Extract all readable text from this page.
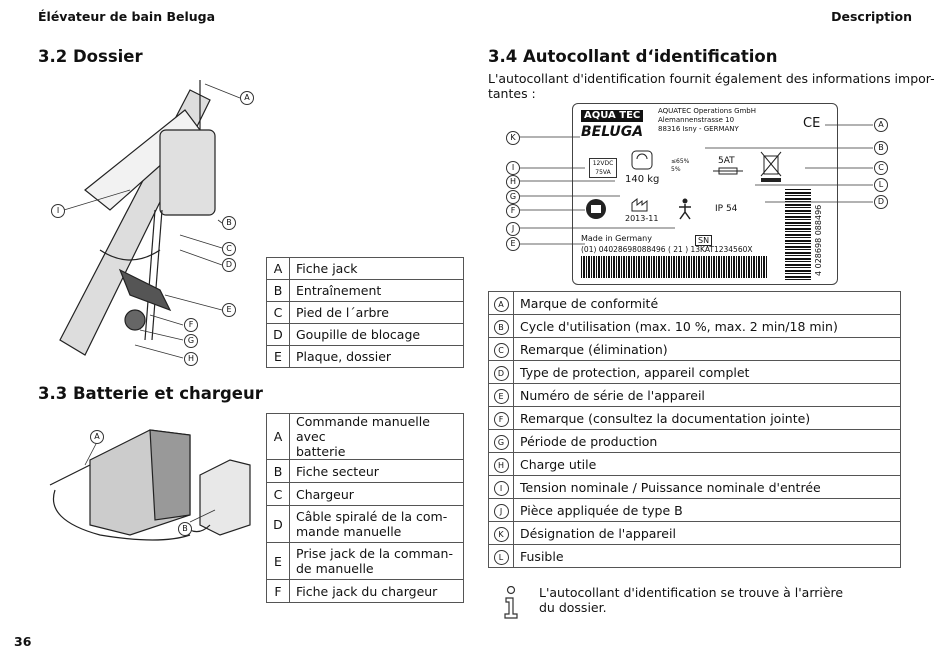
Élévateur de bain Beluga	Description
3.2 Dossier
A
I
B
C
D
E
F
G
H
A	Fiche jack
B	Entraînement
C	Pied de l´arbre
D	Goupille de blocage
E	Plaque, dossier
3.3 Batterie et chargeur
A
B
A	Commande manuelle avec
batterie
B	Fiche secteur
C	Chargeur
D	Câble spiralé de la com-
mande manuelle
E	Prise jack de la comman-
de manuelle
F	Fiche jack du chargeur
3.4 Autocollant d‘identification
L'autocollant d'identification fournit également des informations impor-
tantes :
AQUA TEC
BELUGA
AQUATEC Operations GmbH
Alemannenstrasse 10
88316 Isny - GERMANY	CE
12VDC
75VA
140 kg
≤65%
5%
5AT
2013-11
IP 54
Made in Germany	SN
(01) 04028698088496 ( 21 ) 13KAT1234560X	4 028698 088496
K
I
H
G
F
J
E
A
B
C
L
D
A	Marque de conformité
B	Cycle d'utilisation (max. 10 %, max. 2 min/18 min)
C	Remarque (élimination)
D	Type de protection, appareil complet
E	Numéro de série de l'appareil
F	Remarque (consultez la documentation jointe)
G	Période de production
H	Charge utile
I	Tension nominale / Puissance nominale d'entrée
J	Pièce appliquée de type B
K	Désignation de l'appareil
L	Fusible
L'autocollant d'identification se trouve à l'arrière
du dossier.
36
